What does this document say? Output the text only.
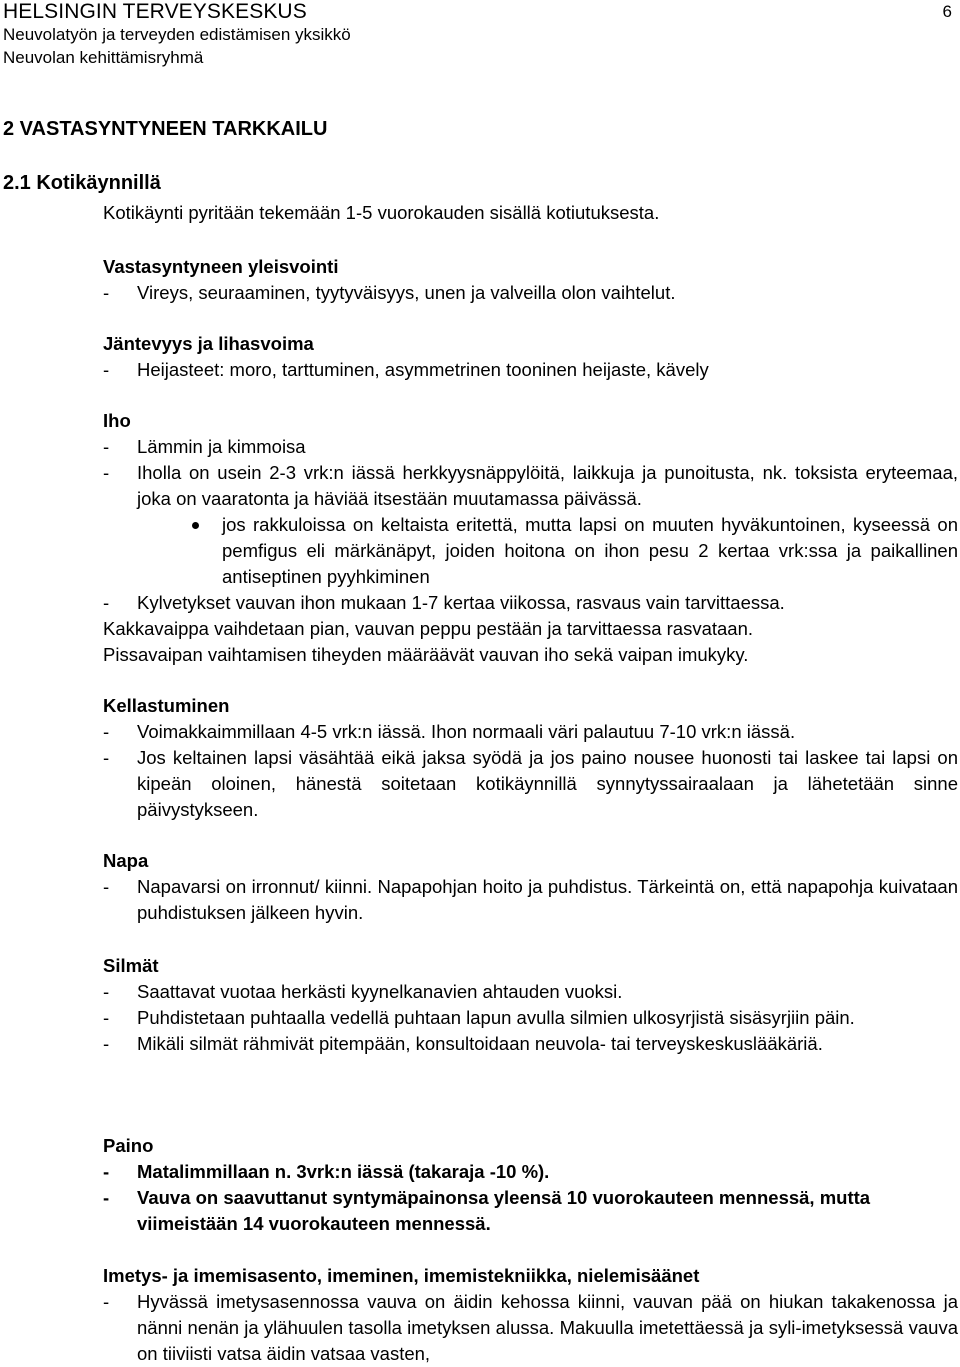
HELSINGIN TERVEYSKESKUS
Neuvolatyön ja terveyden edistämisen yksikkö
Neuvolan kehittämisryhmä
6
2 VASTASYNTYNEEN TARKKAILU
2.1 Kotikäynnillä

Kotikäynti pyritään tekemään 1-5 vuorokauden sisällä kotiutuksesta.

Vastasyntyneen yleisvointi

- Vireys, seuraaminen, tyytyväisyys, unen ja valveilla olon vaihtelut.

Jäntevyys ja lihasvoima

- Heijasteet: moro, tarttuminen, asymmetrinen tooninen heijaste, kävely

Iho

- Lämmin ja kimmoisa

-	Iholla on usein 2-3 vrk:n iässä herkkyysnäppylöitä, laikkuja ja punoitusta, nk. toksista eryteemaa, joka on vaaratonta ja häviää itsestään muutamassa päivässä.

jos rakkuloissa on keltaista eritettä, mutta lapsi on muuten hyväkuntoinen, kyseessä on pemfigus eli märkänäpyt, joiden hoitona on ihon pesu 2 kertaa vrk:ssa ja paikallinen antiseptinen pyyhkiminen

- Kylvetykset vauvan ihon mukaan 1-7 kertaa viikossa, rasvaus vain tarvittaessa.

Kakkavaippa vaihdetaan pian, vauvan peppu pestään ja tarvittaessa rasvataan.

Pissavaipan vaihtamisen tiheyden määräävät vauvan iho sekä vaipan imukyky.

Kellastuminen

- Voimakkaimmillaan 4-5 vrk:n iässä. Ihon normaali väri palautuu 7-10 vrk:n iässä.

- Jos keltainen lapsi väsähtää eikä jaksa syödä ja jos paino nousee huonosti tai laskee tai lapsi on kipeän oloinen, hänestä soitetaan kotikäynnillä synnytyssairaalaan ja lähetetään sinne päivystykseen.

Napa

- Napavarsi on irronnut/ kiinni. Napapohjan hoito ja puhdistus. Tärkeintä on, että napapohja kuivataan puhdistuksen jälkeen hyvin.

Silmät

- Saattavat vuotaa herkästi kyynelkanavien ahtauden vuoksi.

- Puhdistetaan puhtaalla vedellä puhtaan lapun avulla silmien ulkosyrjistä sisäsyrjiin päin.

- Mikäli silmät rähmivät pitempään, konsultoidaan neuvola- tai terveyskeskuslääkäriä.

Paino

- Matalimmillaan n. 3vrk:n iässä (takaraja -10 %).

- Vauva on saavuttanut syntymäpainonsa yleensä 10 vuorokauteen mennessä, mutta viimeistään 14 vuorokauteen mennessä.

Imetys- ja imemisasento, imeminen, imemistekniikka, nielemisäänet

- Hyvässä imetysasennossa vauva on äidin kehossa kiinni, vauvan pää on hiukan takakenossa ja nänni nenän ja ylähuulen tasolla imetyksen alussa. Makuulla imetettäessä ja syli-imetyksessä vauva on tiiviisti vatsa äidin vatsaa vasten,
